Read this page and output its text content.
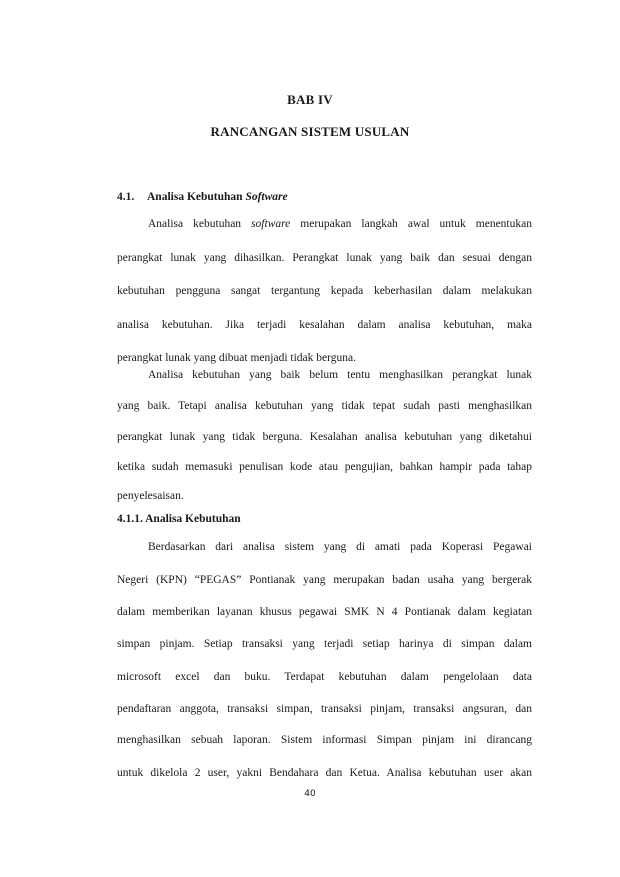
BAB IV
RANCANGAN SISTEM USULAN
4.1. Analisa Kebutuhan Software
Analisa kebutuhan software merupakan langkah awal untuk menentukan
perangkat lunak yang dihasilkan. Perangkat lunak yang baik dan sesuai dengan
kebutuhan pengguna sangat tergantung kepada keberhasilan dalam melakukan
analisa kebutuhan. Jika terjadi kesalahan dalam analisa kebutuhan, maka
perangkat lunak yang dibuat menjadi tidak berguna.
Analisa kebutuhan yang baik belum tentu menghasilkan perangkat lunak
yang baik. Tetapi analisa kebutuhan yang tidak tepat sudah pasti menghasilkan
perangkat lunak yang tidak berguna. Kesalahan analisa kebutuhan yang diketahui
ketika sudah memasuki penulisan kode atau pengujian, bahkan hampir pada tahap
penyelesaisan.
4.1.1. Analisa Kebutuhan
Berdasarkan dari analisa sistem yang di amati pada Koperasi Pegawai
Negeri (KPN) “PEGAS” Pontianak yang merupakan badan usaha yang bergerak
dalam memberikan layanan khusus pegawai SMK N 4 Pontianak dalam kegiatan
simpan pinjam. Setiap transaksi yang terjadi setiap harinya di simpan dalam
microsoft excel dan buku. Terdapat kebutuhan dalam pengelolaan data
pendaftaran anggota, transaksi simpan, transaksi pinjam, transaksi angsuran, dan
menghasilkan sebuah laporan. Sistem informasi Simpan pinjam ini dirancang
untuk dikelola 2 user, yakni Bendahara dan Ketua. Analisa kebutuhan user akan
40
